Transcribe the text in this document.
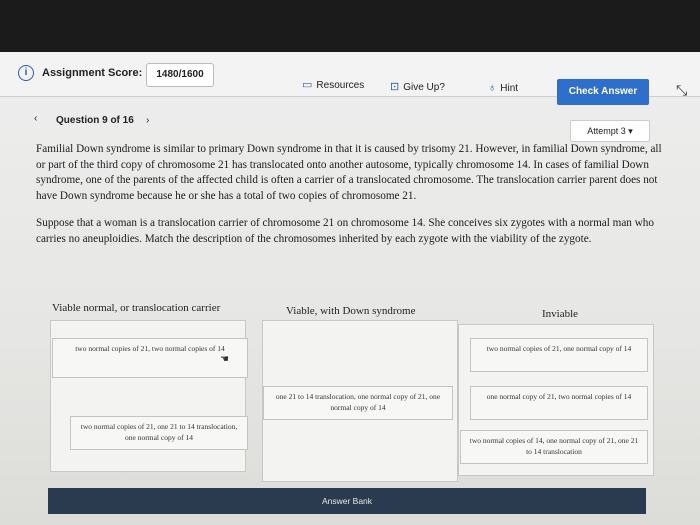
i	Assignment Score:	1480/1600
▭ Resources ⊡ Give Up?	♁ Hint	Check Answer	⤡
‹ Question 9 of 16 ›
Attempt 3 ▾
Familial Down syndrome is similar to primary Down syndrome in that it is caused by trisomy 21. However, in familial Down syndrome, all or part of the third copy of chromosome 21 has translocated onto another autosome, typically chromosome 14. In cases of familial Down syndrome, one of the parents of the affected child is often a carrier of a translocated chromosome. The translocation carrier parent does not have Down syndrome because he or she has a total of two copies of chromosome 21.
Suppose that a woman is a translocation carrier of chromosome 21 on chromosome 14. She conceives six zygotes with a normal man who carries no aneuploidies. Match the description of the chromosomes inherited by each zygote with the viability of the zygote.
Viable normal, or translocation carrier	Viable, with Down syndrome	Inviable
two normal copies of 21, two normal copies of 14
two normal copies of 21, one 21 to 14 translocation, one normal copy of 14
one 21 to 14 translocation, one normal copy of 21, one normal copy of 14
two normal copies of 21, one normal copy of 14
one normal copy of 21, two normal copies of 14
two normal copies of 14, one normal copy of 21, one 21 to 14 translocation
☚
Answer Bank
